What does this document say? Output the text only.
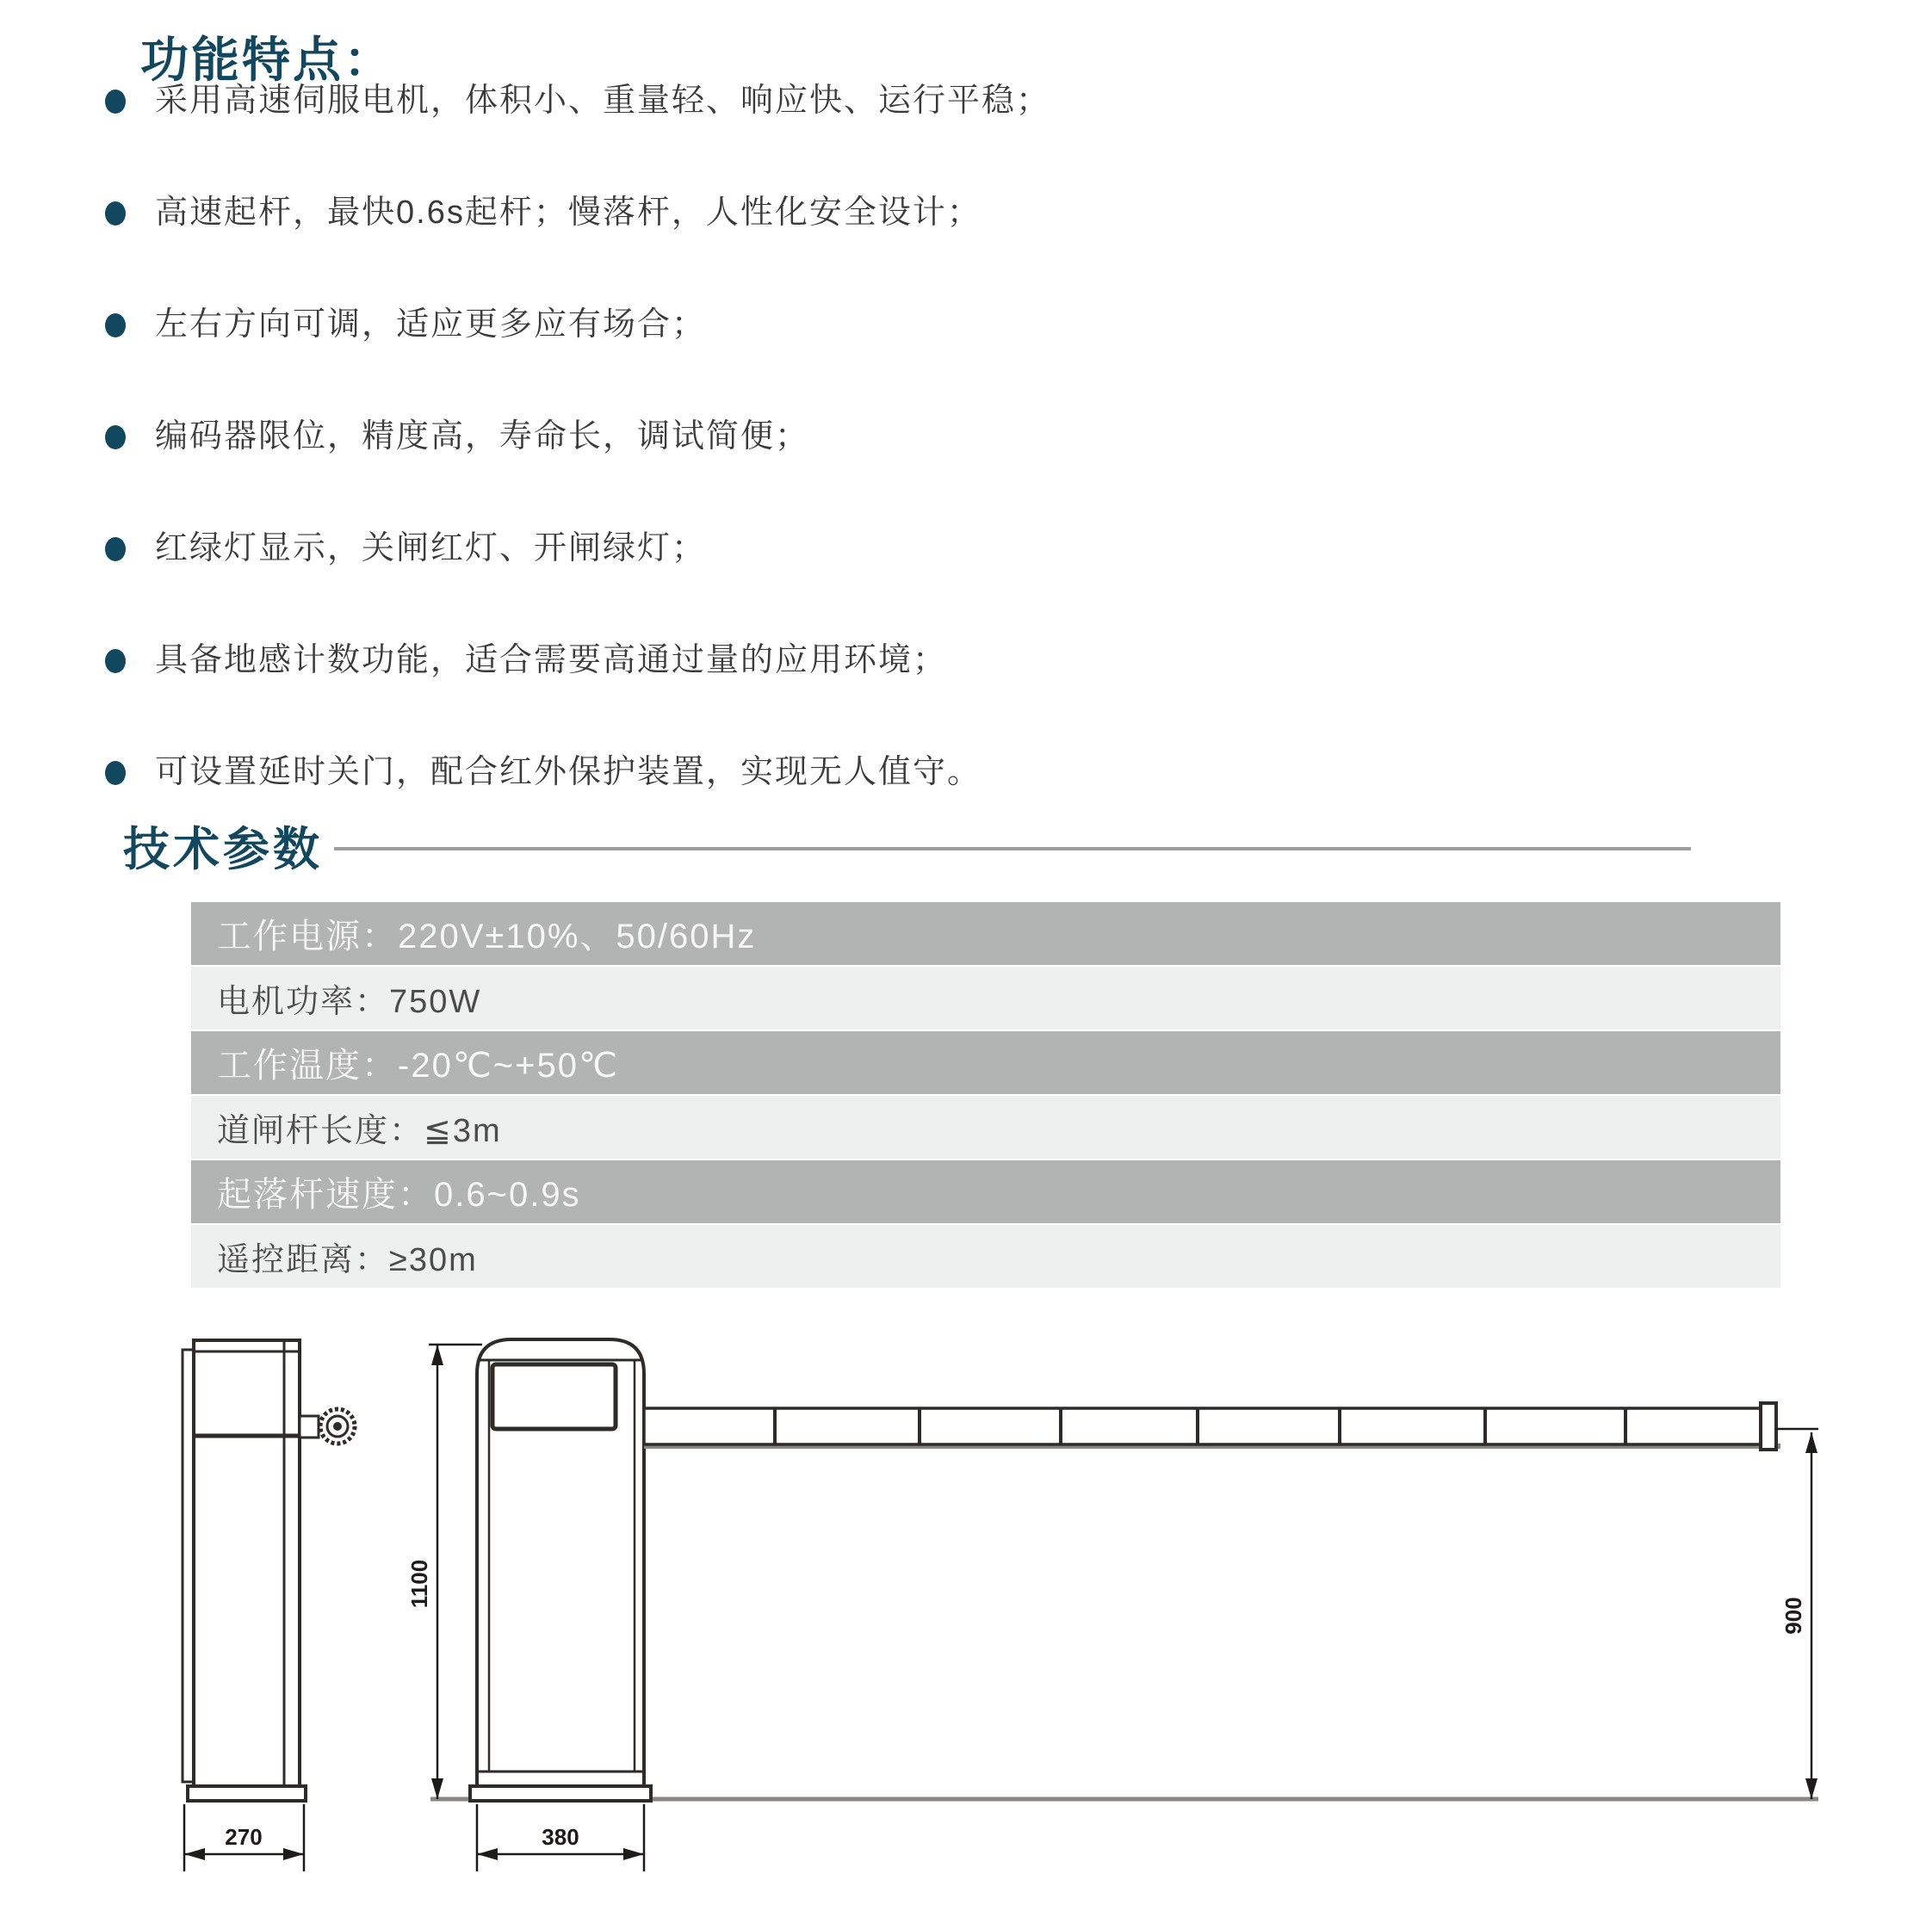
功能特点：
采用高速伺服电机，体积小、重量轻、响应快、运行平稳；
高速起杆，最快0.6s起杆；慢落杆，人性化安全设计；
左右方向可调，适应更多应有场合；
编码器限位，精度高，寿命长，调试简便；
红绿灯显示，关闸红灯、开闸绿灯；
具备地感计数功能，适合需要高通过量的应用环境；
可设置延时关门，配合红外保护装置，实现无人值守。
技术参数
工作电源：220V±10%、50/60Hz
电机功率：750W
工作温度：-20℃~+50℃
道闸杆长度：≦3m
起落杆速度：0.6~0.9s
遥控距离：≥30m
270	380
1100
900
